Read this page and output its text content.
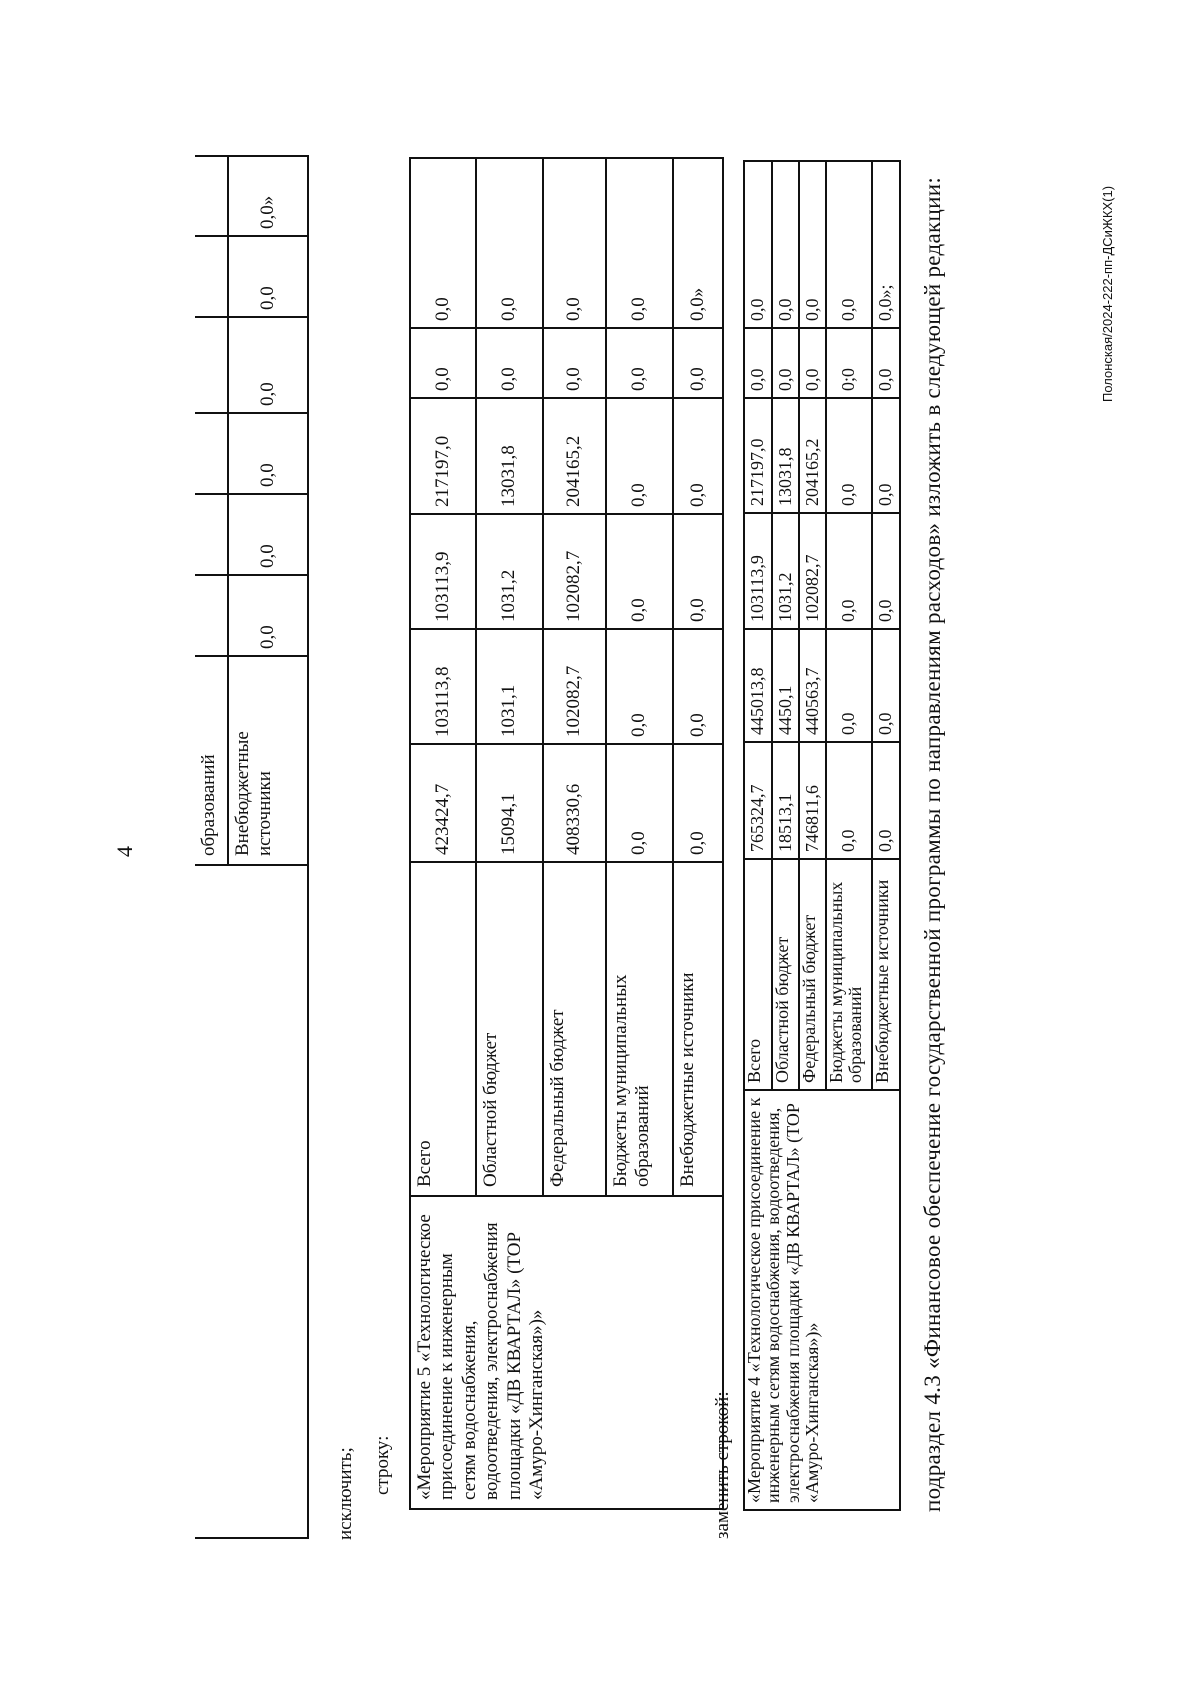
4
		образований						
	Внебюджетные источники	0,0	0,0	0,0	0,0	0,0	0,0»
исключить; строку: «Мероприятие 5 «Технологическое присоединение к инженерным сетям водоснабжения, водоотведения, электроснабжения площадки «ДВ КВАРТАЛ» (ТОР «Амуро-Хинганская»)»	Всего	423424,7	103113,8	103113,9	217197,0	0,0	0,0
	Областной бюджет	15094,1	1031,1	1031,2	13031,8	0,0	0,0
	Федеральный бюджет	408330,6	102082,7	102082,7	204165,2	0,0	0,0
	Бюджеты муниципальных образований	0,0	0,0	0,0	0,0	0,0	0,0
	Внебюджетные источники	0,0	0,0	0,0	0,0	0,0	0,0»
заменить строкой: «Мероприятие 4 «Технологическое присоединение к инженерным сетям водоснабжения, водоотведения, электроснабжения площадки «ДВ КВАРТАЛ» (ТОР «Амуро-Хинганская»)»	Всего	765324,7	445013,8	103113,9	217197,0	0,0	0,0
	Областной бюджет	18513,1	4450,1	1031,2	13031,8	0,0	0,0
	Федеральный бюджет	746811,6	440563,7	102082,7	204165,2	0,0	0,0
	Бюджеты муниципальных образований	0,0	0,0	0,0	0,0	0;0	0,0
	Внебюджетные источники	0,0	0,0	0,0	0,0	0,0	0,0»; подраздел 4.3 «Финансовое обеспечение государственной программы по направлениям расходов» изложить в следующей редакции:	Полонская/2024-222-пп-ДСиЖКХ(1)
